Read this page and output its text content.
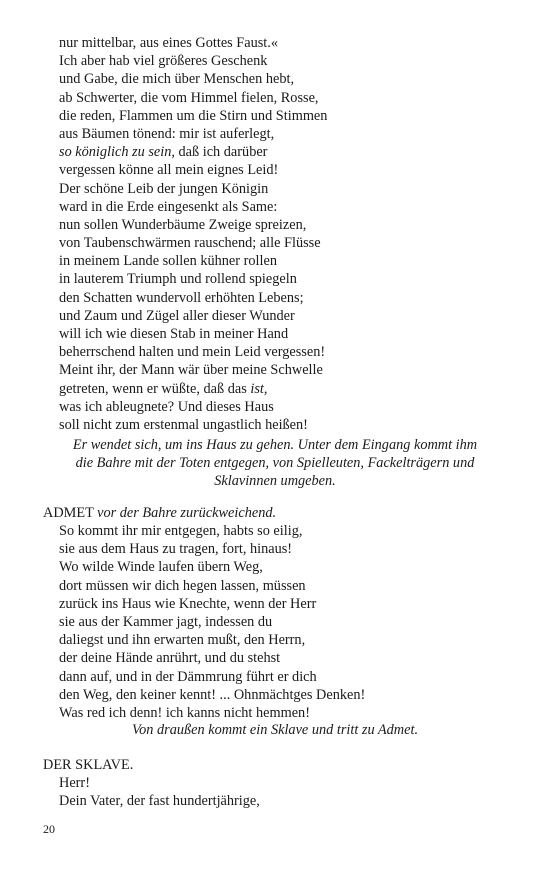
nur mittelbar, aus eines Gottes Faust.«
Ich aber hab viel größeres Geschenk
und Gabe, die mich über Menschen hebt,
ab Schwerter, die vom Himmel fielen, Rosse,
die reden, Flammen um die Stirn und Stimmen
aus Bäumen tönend: mir ist auferlegt,
so königlich zu sein, daß ich darüber
vergessen könne all mein eignes Leid!
Der schöne Leib der jungen Königin
ward in die Erde eingesenkt als Same:
nun sollen Wunderbäume Zweige spreizen,
von Taubenschwärmen rauschend; alle Flüsse
in meinem Lande sollen kühner rollen
in lauterem Triumph und rollend spiegeln
den Schatten wundervoll erhöhten Lebens;
und Zaum und Zügel aller dieser Wunder
will ich wie diesen Stab in meiner Hand
beherrschend halten und mein Leid vergessen!
Meint ihr, der Mann wär über meine Schwelle
getreten, wenn er wüßte, daß das ist,
was ich ableugnete? Und dieses Haus
soll nicht zum erstenmal ungastlich heißen!
Er wendet sich, um ins Haus zu gehen. Unter dem Eingang kommt ihm
die Bahre mit der Toten entgegen, von Spielleuten, Fackelträgern und
Sklavinnen umgeben.
ADMET vor der Bahre zurückweichend.
So kommt ihr mir entgegen, habts so eilig,
sie aus dem Haus zu tragen, fort, hinaus!
Wo wilde Winde laufen übern Weg,
dort müssen wir dich hegen lassen, müssen
zurück ins Haus wie Knechte, wenn der Herr
sie aus der Kammer jagt, indessen du
daliegst und ihn erwarten mußt, den Herrn,
der deine Hände anrührt, und du stehst
dann auf, und in der Dämmrung führt er dich
den Weg, den keiner kennt! ... Ohnmächtges Denken!
Was red ich denn! ich kanns nicht hemmen!
Von draußen kommt ein Sklave und tritt zu Admet.
DER SKLAVE.
Herr!
Dein Vater, der fast hundertjährige,
20
